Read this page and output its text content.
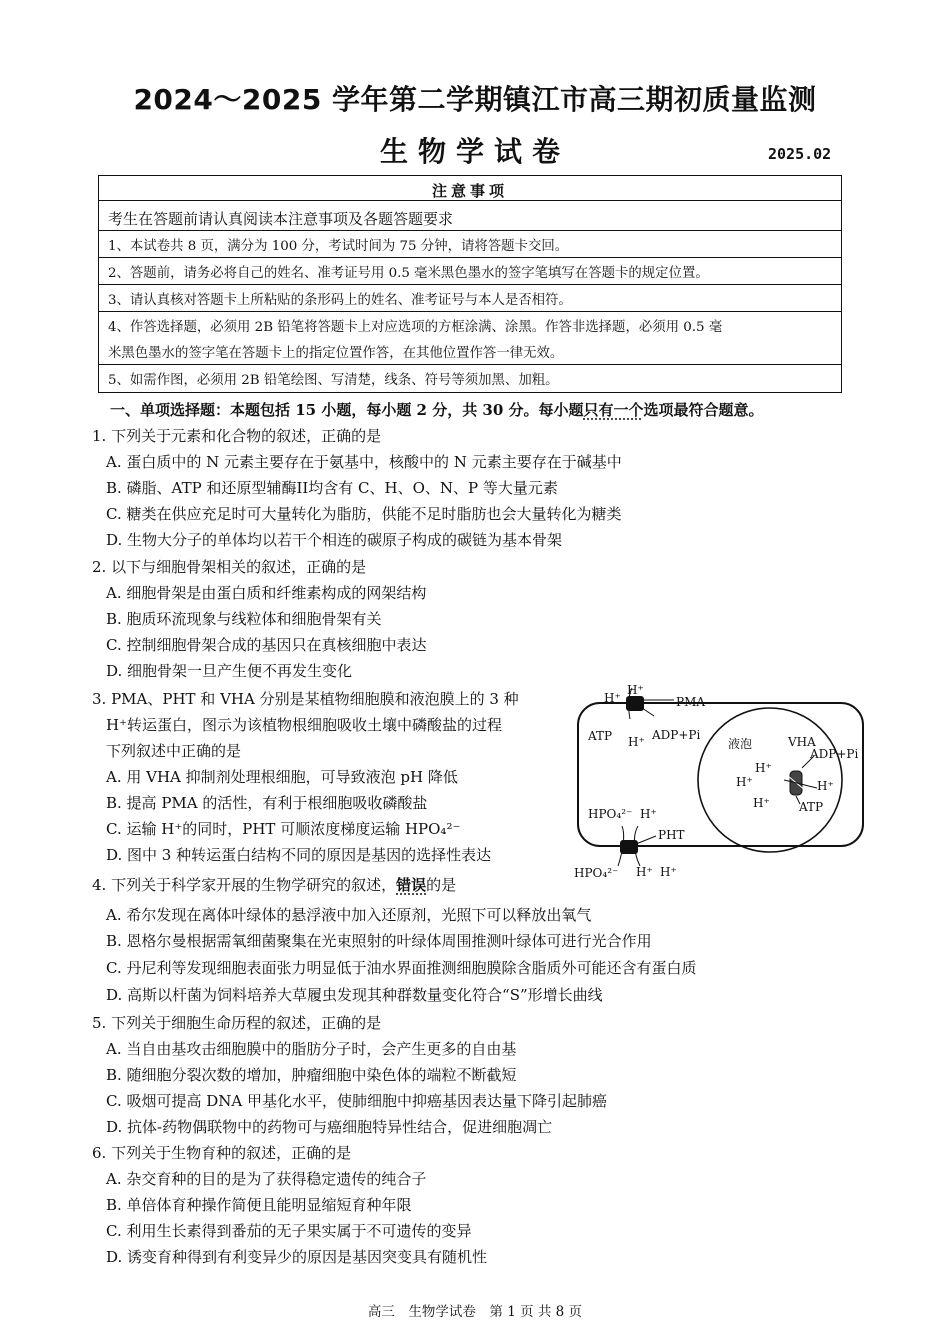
2024～2025 学年第二学期镇江市高三期初质量监测
生物学试卷	2025.02
注意事项
考生在答题前请认真阅读本注意事项及各题答题要求
1、本试卷共 8 页，满分为 100 分，考试时间为 75 分钟，请将答题卡交回。
2、答题前，请务必将自己的姓名、准考证号用 0.5 毫米黑色墨水的签字笔填写在答题卡的规定位置。
3、请认真核对答题卡上所粘贴的条形码上的姓名、准考证号与本人是否相符。
4、作答选择题，必须用 2B 铅笔将答题卡上对应选项的方框涂满、涂黑。作答非选择题，必须用 0.5 毫
米黑色墨水的签字笔在答题卡上的指定位置作答，在其他位置作答一律无效。
5、如需作图，必须用 2B 铅笔绘图、写清楚，线条、符号等须加黑、加粗。
一、单项选择题：本题包括 15 小题，每小题 2 分，共 30 分。每小题只有一个选项最符合题意。
1. 下列关于元素和化合物的叙述，正确的是
A. 蛋白质中的 N 元素主要存在于氨基中，核酸中的 N 元素主要存在于碱基中
B. 磷脂、ATP 和还原型辅酶II均含有 C、H、O、N、P 等大量元素
C. 糖类在供应充足时可大量转化为脂肪，供能不足时脂肪也会大量转化为糖类
D. 生物大分子的单体均以若干个相连的碳原子构成的碳链为基本骨架
2. 以下与细胞骨架相关的叙述，正确的是
A. 细胞骨架是由蛋白质和纤维素构成的网架结构
B. 胞质环流现象与线粒体和细胞骨架有关
C. 控制细胞骨架合成的基因只在真核细胞中表达
D. 细胞骨架一旦产生便不再发生变化
3. PMA、PHT 和 VHA 分别是某植物细胞膜和液泡膜上的 3 种
H⁺转运蛋白，图示为该植物根细胞吸收土壤中磷酸盐的过程
下列叙述中正确的是
A. 用 VHA 抑制剂处理根细胞，可导致液泡 pH 降低
B. 提高 PMA 的活性，有利于根细胞吸收磷酸盐
C. 运输 H⁺的同时，PHT 可顺浓度梯度运输 HPO₄²⁻
D. 图中 3 种转运蛋白结构不同的原因是基因的选择性表达
H⁺
H⁺
PMA
ATP H⁺ ADP+Pi
液泡	VHA
ADP+Pi
H⁺
H⁺	H⁺
H⁺ ATP
HPO₄²⁻ H⁺
PHT
HPO₄²⁻ H⁺ H⁺
4. 下列关于科学家开展的生物学研究的叙述，错误的是
A. 希尔发现在离体叶绿体的悬浮液中加入还原剂，光照下可以释放出氧气
B. 恩格尔曼根据需氧细菌聚集在光束照射的叶绿体周围推测叶绿体可进行光合作用
C. 丹尼利等发现细胞表面张力明显低于油水界面推测细胞膜除含脂质外可能还含有蛋白质
D. 高斯以杆菌为饲料培养大草履虫发现其种群数量变化符合“S”形增长曲线
5. 下列关于细胞生命历程的叙述，正确的是
A. 当自由基攻击细胞膜中的脂肪分子时，会产生更多的自由基
B. 随细胞分裂次数的增加，肿瘤细胞中染色体的端粒不断截短
C. 吸烟可提高 DNA 甲基化水平，使肺细胞中抑癌基因表达量下降引起肺癌
D. 抗体-药物偶联物中的药物可与癌细胞特异性结合，促进细胞凋亡
6. 下列关于生物育种的叙述，正确的是
A. 杂交育种的目的是为了获得稳定遗传的纯合子
B. 单倍体育种操作简便且能明显缩短育种年限
C. 利用生长素得到番茄的无子果实属于不可遗传的变异
D. 诱变育种得到有利变异少的原因是基因突变具有随机性
高三　生物学试卷　第 1 页 共 8 页
